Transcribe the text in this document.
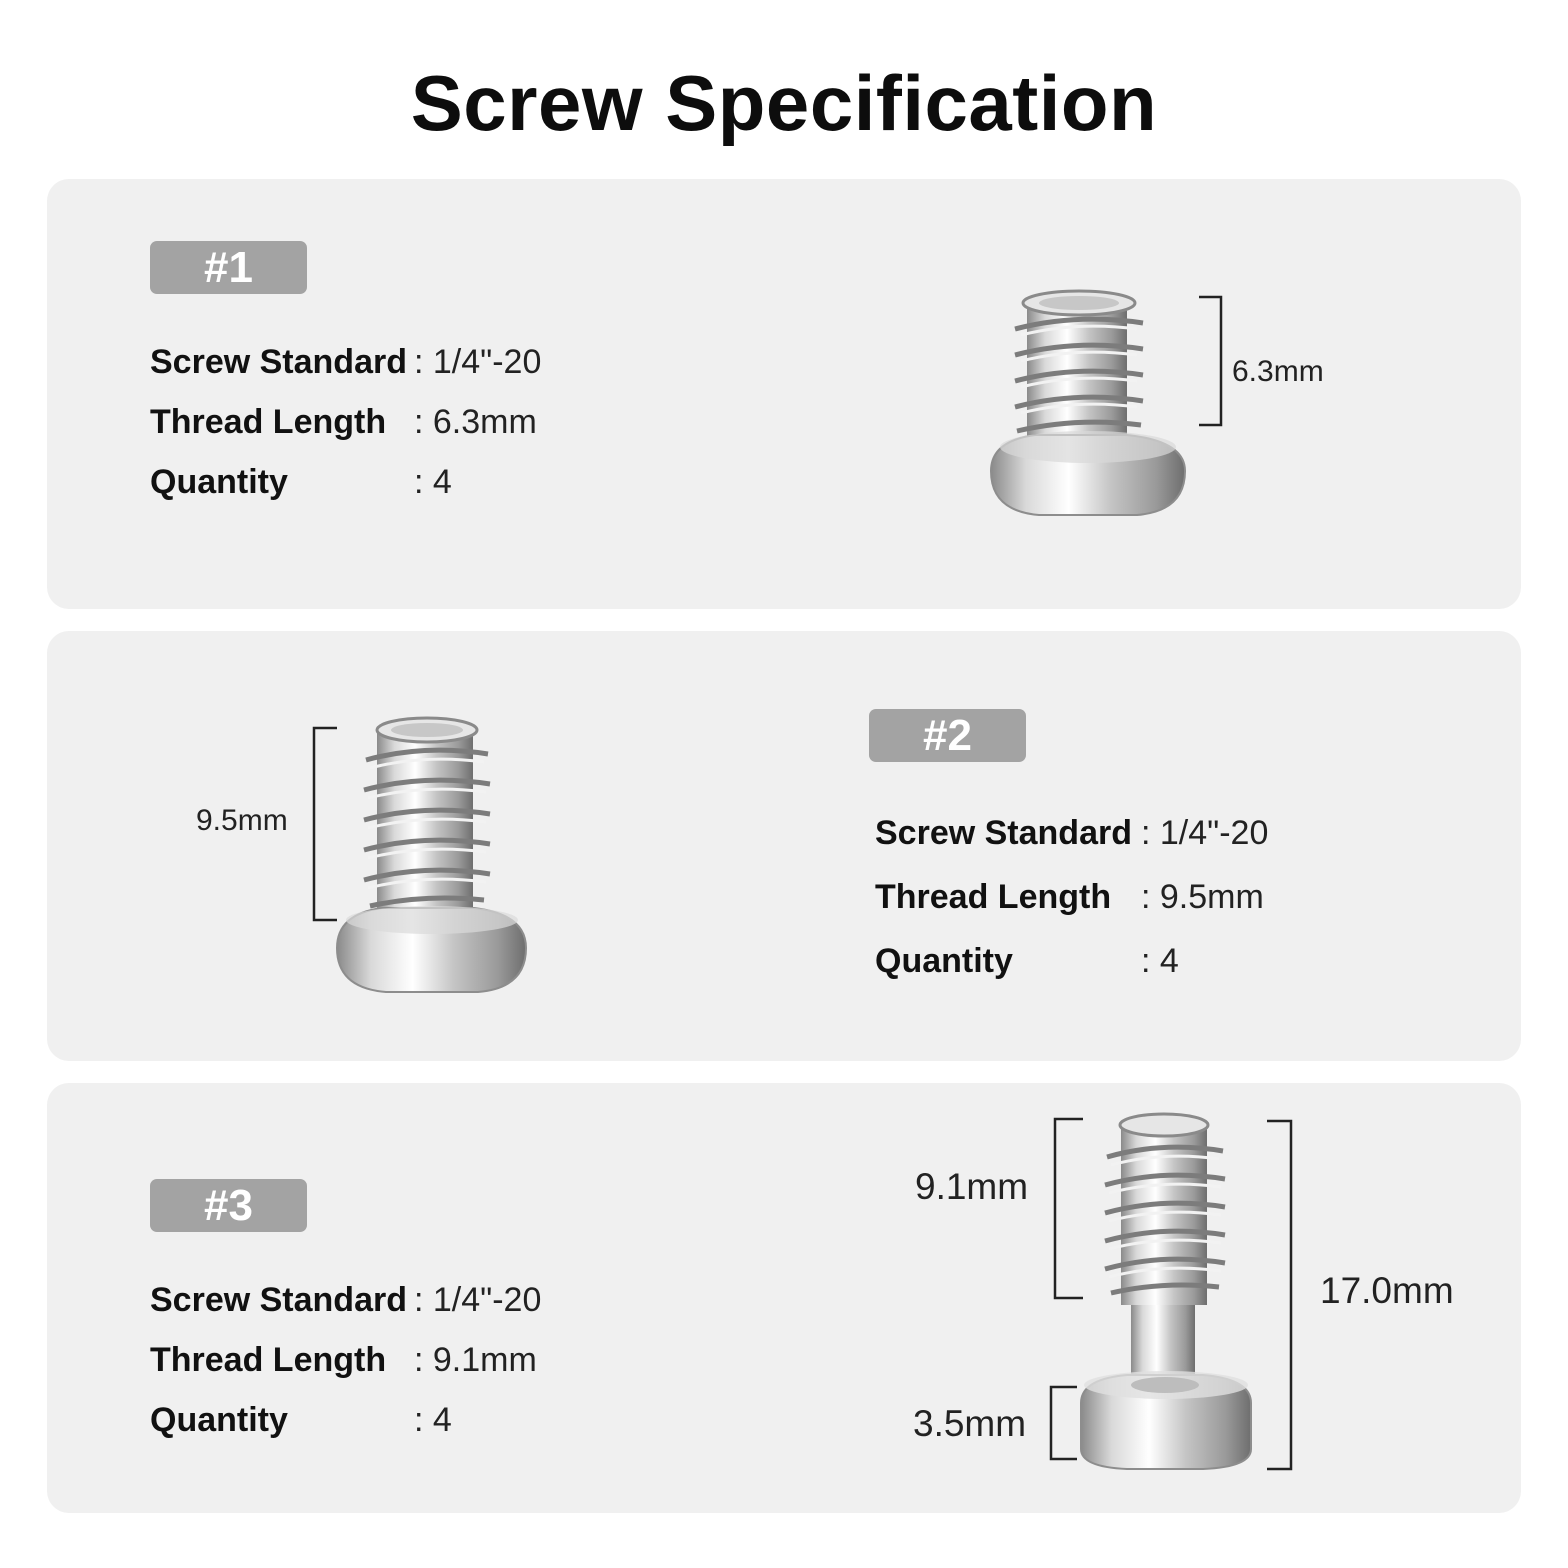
Screw Specification
#1
Screw Standard : 1/4"-20
Thread Length : 6.3mm
Quantity	: 4
6.3mm
9.5mm
#2
Screw Standard : 1/4"-20
Thread Length : 9.5mm
Quantity	: 4
#3
Screw Standard : 1/4"-20
Thread Length : 9.1mm
Quantity	: 4
9.1mm
17.0mm
3.5mm
